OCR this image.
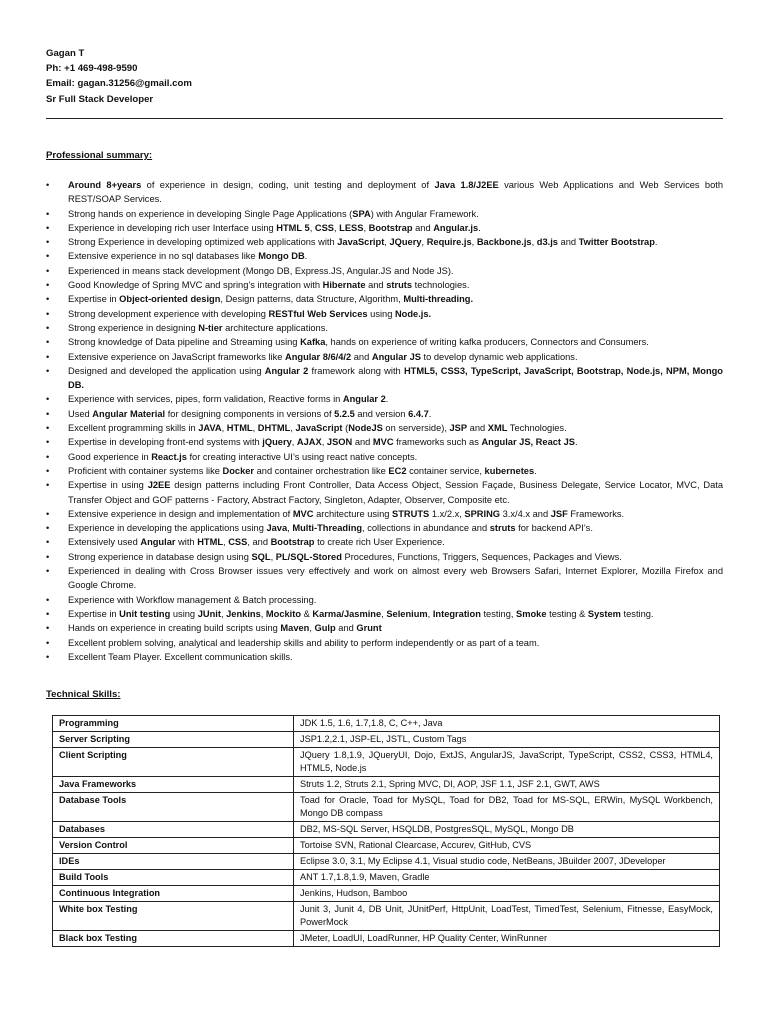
Gagan T
Ph: +1 469-498-9590
Email: gagan.31256@gmail.com
Sr Full Stack Developer
Professional summary:
• Around 8+years of experience in design, coding, unit testing and deployment of Java 1.8/J2EE various Web Applications and Web Services both REST/SOAP Services.
• Strong hands on experience in developing Single Page Applications (SPA) with Angular Framework.
• Experience in developing rich user Interface using HTML 5, CSS, LESS, Bootstrap and Angular.js.
• Strong Experience in developing optimized web applications with JavaScript, JQuery, Require.js, Backbone.js, d3.js and Twitter Bootstrap.
• Extensive experience in no sql databases like Mongo DB.
• Experienced in means stack development (Mongo DB, Express.JS, Angular.JS and Node JS).
• Good Knowledge of Spring MVC and spring’s integration with Hibernate and struts technologies.
• Expertise in Object-oriented design, Design patterns, data Structure, Algorithm, Multi-threading.
• Strong development experience with developing RESTful Web Services using Node.js.
• Strong experience in designing N-tier architecture applications.
• Strong knowledge of Data pipeline and Streaming using Kafka, hands on experience of writing kafka producers, Connectors and Consumers.
• Extensive experience on JavaScript frameworks like Angular 8/6/4/2 and Angular JS to develop dynamic web applications.
• Designed and developed the application using Angular 2 framework along with HTML5, CSS3, TypeScript, JavaScript, Bootstrap, Node.js, NPM, Mongo DB.
• Experience with services, pipes, form validation, Reactive forms in Angular 2.
• Used Angular Material for designing components in versions of 5.2.5 and version 6.4.7.
• Excellent programming skills in JAVA, HTML, DHTML, JavaScript (NodeJS on serverside), JSP and XML Technologies.
• Expertise in developing front-end systems with jQuery, AJAX, JSON and MVC frameworks such as Angular JS, React JS.
• Good experience in React.js for creating interactive UI’s using react native concepts.
• Proficient with container systems like Docker and container orchestration like EC2 container service, kubernetes.
• Expertise in using J2EE design patterns including Front Controller, Data Access Object, Session Façade, Business Delegate, Service Locator, MVC, Data Transfer Object and GOF patterns - Factory, Abstract Factory, Singleton, Adapter, Observer, Composite etc.
• Extensive experience in design and implementation of MVC architecture using STRUTS 1.x/2.x, SPRING 3.x/4.x and JSF Frameworks.
• Experience in developing the applications using Java, Multi-Threading, collections in abundance and struts for backend API’s.
• Extensively used Angular with HTML, CSS, and Bootstrap to create rich User Experience.
• Strong experience in database design using SQL, PL/SQL-Stored Procedures, Functions, Triggers, Sequences, Packages and Views.
• Experienced in dealing with Cross Browser issues very effectively and work on almost every web Browsers Safari, Internet Explorer, Mozilla Firefox and Google Chrome.
• Experience with Workflow management & Batch processing.
• Expertise in Unit testing using JUnit, Jenkins, Mockito & Karma/Jasmine, Selenium, Integration testing, Smoke testing & System testing.
• Hands on experience in creating build scripts using Maven, Gulp and Grunt
• Excellent problem solving, analytical and leadership skills and ability to perform independently or as part of a team.
• Excellent Team Player. Excellent communication skills.
Technical Skills:
Programming	JDK 1.5, 1.6, 1.7,1.8, C, C++, Java
Server Scripting	JSP1.2,2.1, JSP-EL, JSTL, Custom Tags
Client Scripting	JQuery 1.8,1.9, JQueryUI, Dojo, ExtJS, AngularJS, JavaScript, TypeScript, CSS2, CSS3, HTML4, HTML5, Node.js
Java Frameworks	Struts 1.2, Struts 2.1, Spring MVC, DI, AOP, JSF 1.1, JSF 2.1, GWT, AWS
Database Tools	Toad for Oracle, Toad for MySQL, Toad for DB2, Toad for MS-SQL, ERWin, MySQL Workbench, Mongo DB compass
Databases	DB2, MS-SQL Server, HSQLDB, PostgresSQL, MySQL, Mongo DB
Version Control	Tortoise SVN, Rational Clearcase, Accurev, GitHub, CVS
IDEs	Eclipse 3.0, 3.1, My Eclipse 4.1, Visual studio code, NetBeans, JBuilder 2007, JDeveloper
Build Tools	ANT 1.7,1.8,1.9, Maven, Gradle
Continuous Integration	Jenkins, Hudson, Bamboo
White box Testing	Junit 3, Junit 4, DB Unit, JUnitPerf, HttpUnit, LoadTest, TimedTest, Selenium, Fitnesse, EasyMock, PowerMock
Black box Testing	JMeter, LoadUI, LoadRunner, HP Quality Center, WinRunner
